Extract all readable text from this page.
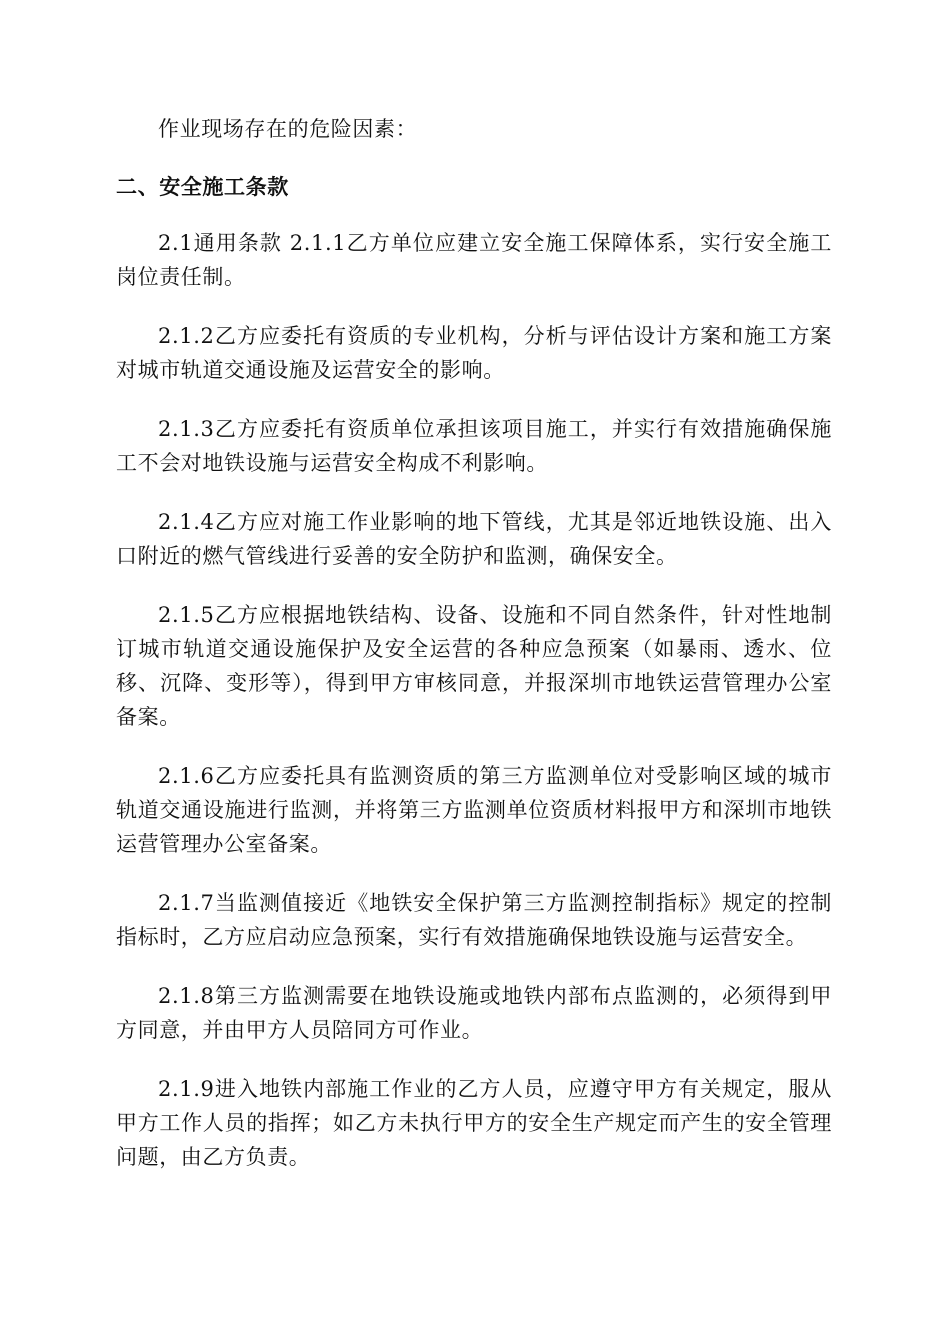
作业现场存在的危险因素：

二、安全施工条款

2.1通用条款 2.1.1乙方单位应建立安全施工保障体系，实行安全施工岗位责任制。

2.1.2乙方应委托有资质的专业机构，分析与评估设计方案和施工方案对城市轨道交通设施及运营安全的影响。

2.1.3乙方应委托有资质单位承担该项目施工，并实行有效措施确保施工不会对地铁设施与运营安全构成不利影响。

2.1.4乙方应对施工作业影响的地下管线，尤其是邻近地铁设施、出入口附近的燃气管线进行妥善的安全防护和监测，确保安全。

2.1.5乙方应根据地铁结构、设备、设施和不同自然条件，针对性地制订城市轨道交通设施保护及安全运营的各种应急预案（如暴雨、透水、位移、沉降、变形等），得到甲方审核同意，并报深圳市地铁运营管理办公室备案。

2.1.6乙方应委托具有监测资质的第三方监测单位对受影响区域的城市轨道交通设施进行监测，并将第三方监测单位资质材料报甲方和深圳市地铁运营管理办公室备案。

2.1.7当监测值接近《地铁安全保护第三方监测控制指标》规定的控制指标时，乙方应启动应急预案，实行有效措施确保地铁设施与运营安全。

2.1.8第三方监测需要在地铁设施或地铁内部布点监测的，必须得到甲方同意，并由甲方人员陪同方可作业。

2.1.9进入地铁内部施工作业的乙方人员，应遵守甲方有关规定，服从甲方工作人员的指挥；如乙方未执行甲方的安全生产规定而产生的安全管理问题，由乙方负责。
